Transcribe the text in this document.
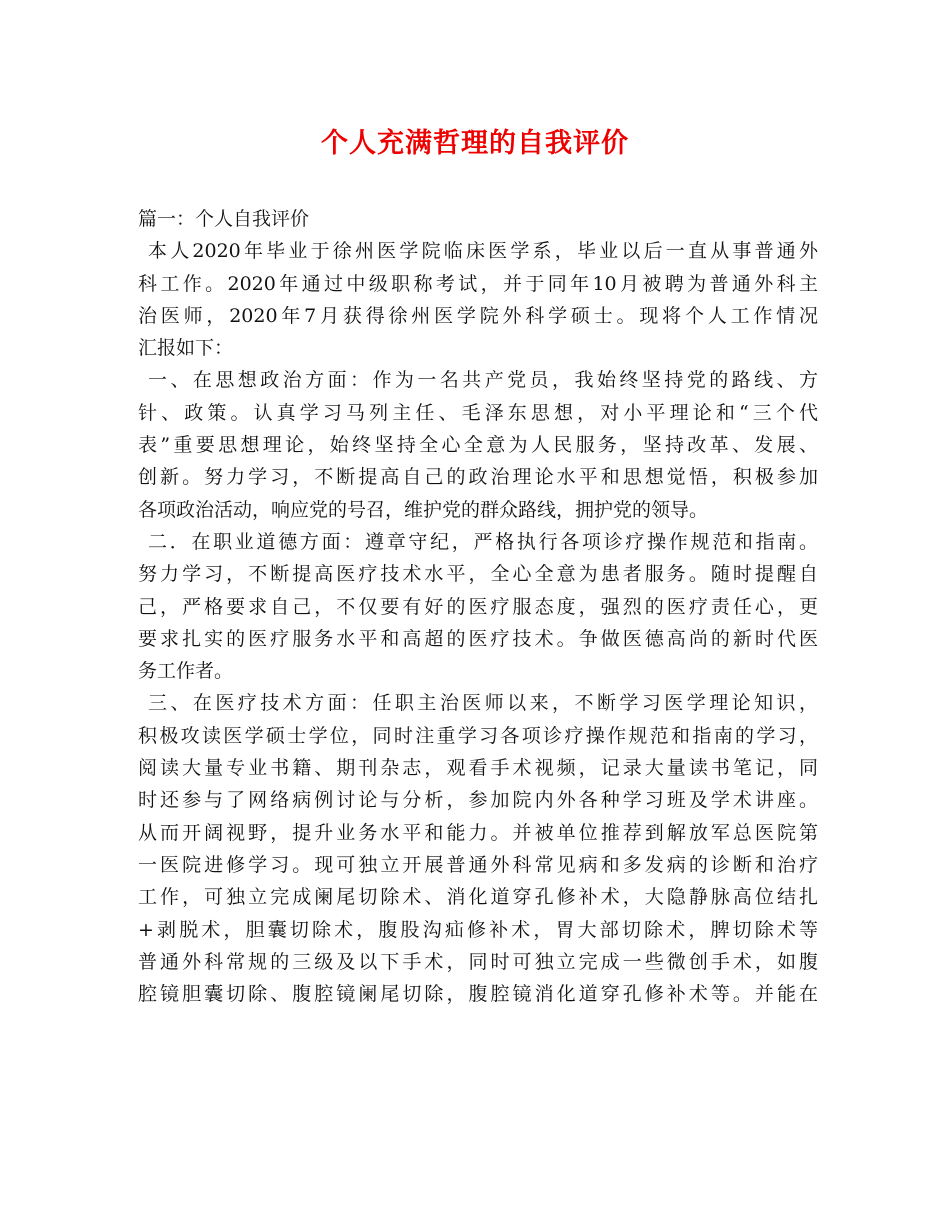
个人充满哲理的自我评价
篇一：个人自我评价
本人2020年毕业于徐州医学院临床医学系，毕业以后一直从事普通外
科工作。2020年通过中级职称考试，并于同年10月被聘为普通外科主
治医师，2020年7月获得徐州医学院外科学硕士。现将个人工作情况
汇报如下：
一、在思想政治方面：作为一名共产党员，我始终坚持党的路线、方
针、政策。认真学习马列主任、毛泽东思想，对小平理论和“三个代
表”重要思想理论，始终坚持全心全意为人民服务，坚持改革、发展、
创新。努力学习，不断提高自己的政治理论水平和思想觉悟，积极参加
各项政治活动，响应党的号召，维护党的群众路线，拥护党的领导。
二．在职业道德方面：遵章守纪，严格执行各项诊疗操作规范和指南。
努力学习，不断提高医疗技术水平，全心全意为患者服务。随时提醒自
己，严格要求自己，不仅要有好的医疗服态度，强烈的医疗责任心，更
要求扎实的医疗服务水平和高超的医疗技术。争做医德高尚的新时代医
务工作者。
三、在医疗技术方面：任职主治医师以来，不断学习医学理论知识，
积极攻读医学硕士学位，同时注重学习各项诊疗操作规范和指南的学习，
阅读大量专业书籍、期刊杂志，观看手术视频，记录大量读书笔记，同
时还参与了网络病例讨论与分析，参加院内外各种学习班及学术讲座。
从而开阔视野，提升业务水平和能力。并被单位推荐到解放军总医院第
一医院进修学习。现可独立开展普通外科常见病和多发病的诊断和治疗
工作，可独立完成阑尾切除术、消化道穿孔修补术，大隐静脉高位结扎
+剥脱术，胆囊切除术，腹股沟疝修补术，胃大部切除术，脾切除术等
普通外科常规的三级及以下手术，同时可独立完成一些微创手术，如腹
腔镜胆囊切除、腹腔镜阑尾切除，腹腔镜消化道穿孔修补术等。并能在
